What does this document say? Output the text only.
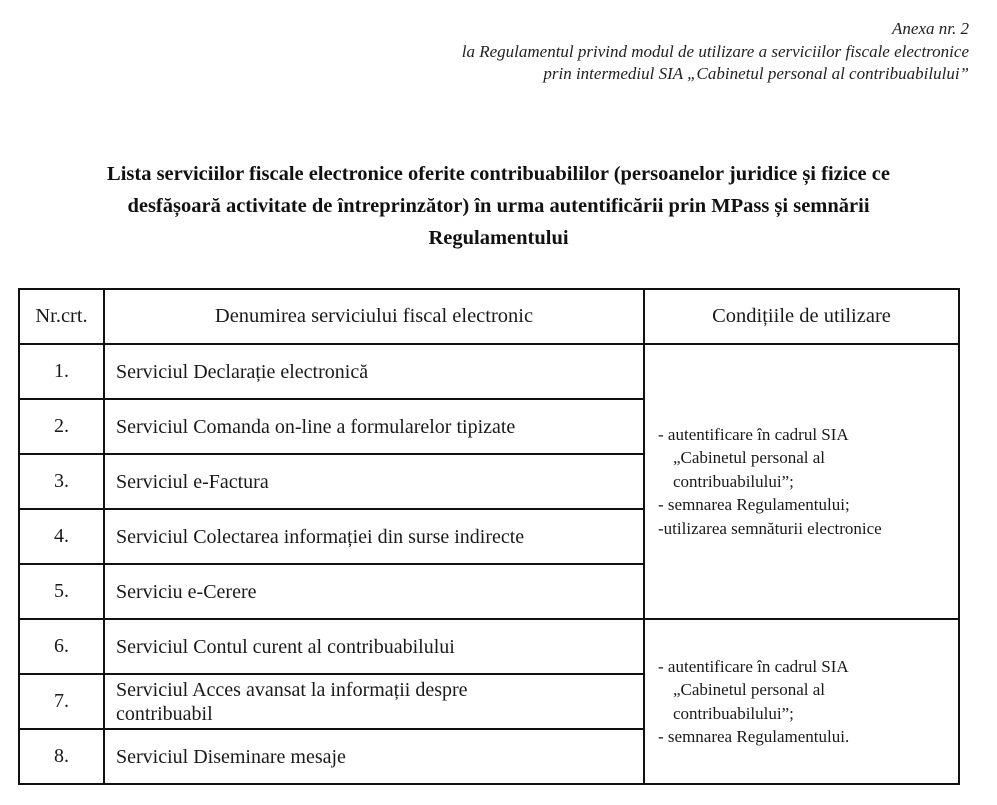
Anexa nr. 2
la Regulamentul privind modul de utilizare a serviciilor fiscale electronice
prin intermediul SIA „Cabinetul personal al contribuabilului”
Lista serviciilor fiscale electronice oferite contribuabililor (persoanelor juridice și fizice ce
desfășoară activitate de întreprinzător) în urma autentificării prin MPass și semnării
Regulamentului
Nr.crt.	Denumirea serviciului fiscal electronic	Condițiile de utilizare
1.	Serviciul Declarație electronică	- autentificare în cadrul SIA
„Cabinetul personal al
contribuabilului”;
- semnarea Regulamentului;
- utilizarea semnăturii electronice

2.	Serviciul Comanda on-line a formularelor tipizate	
3.	Serviciul e-Factura	
4.	Serviciul Colectarea informației din surse indirecte	
5.	Serviciu e-Cerere	
6.	Serviciul Contul curent al contribuabilului	- autentificare în cadrul SIA
„Cabinetul personal al
contribuabilului”;
- semnarea Regulamentului.

7.	Serviciul Acces avansat la informații despre
contribuabil	

8.	Serviciul Diseminare mesaje	
